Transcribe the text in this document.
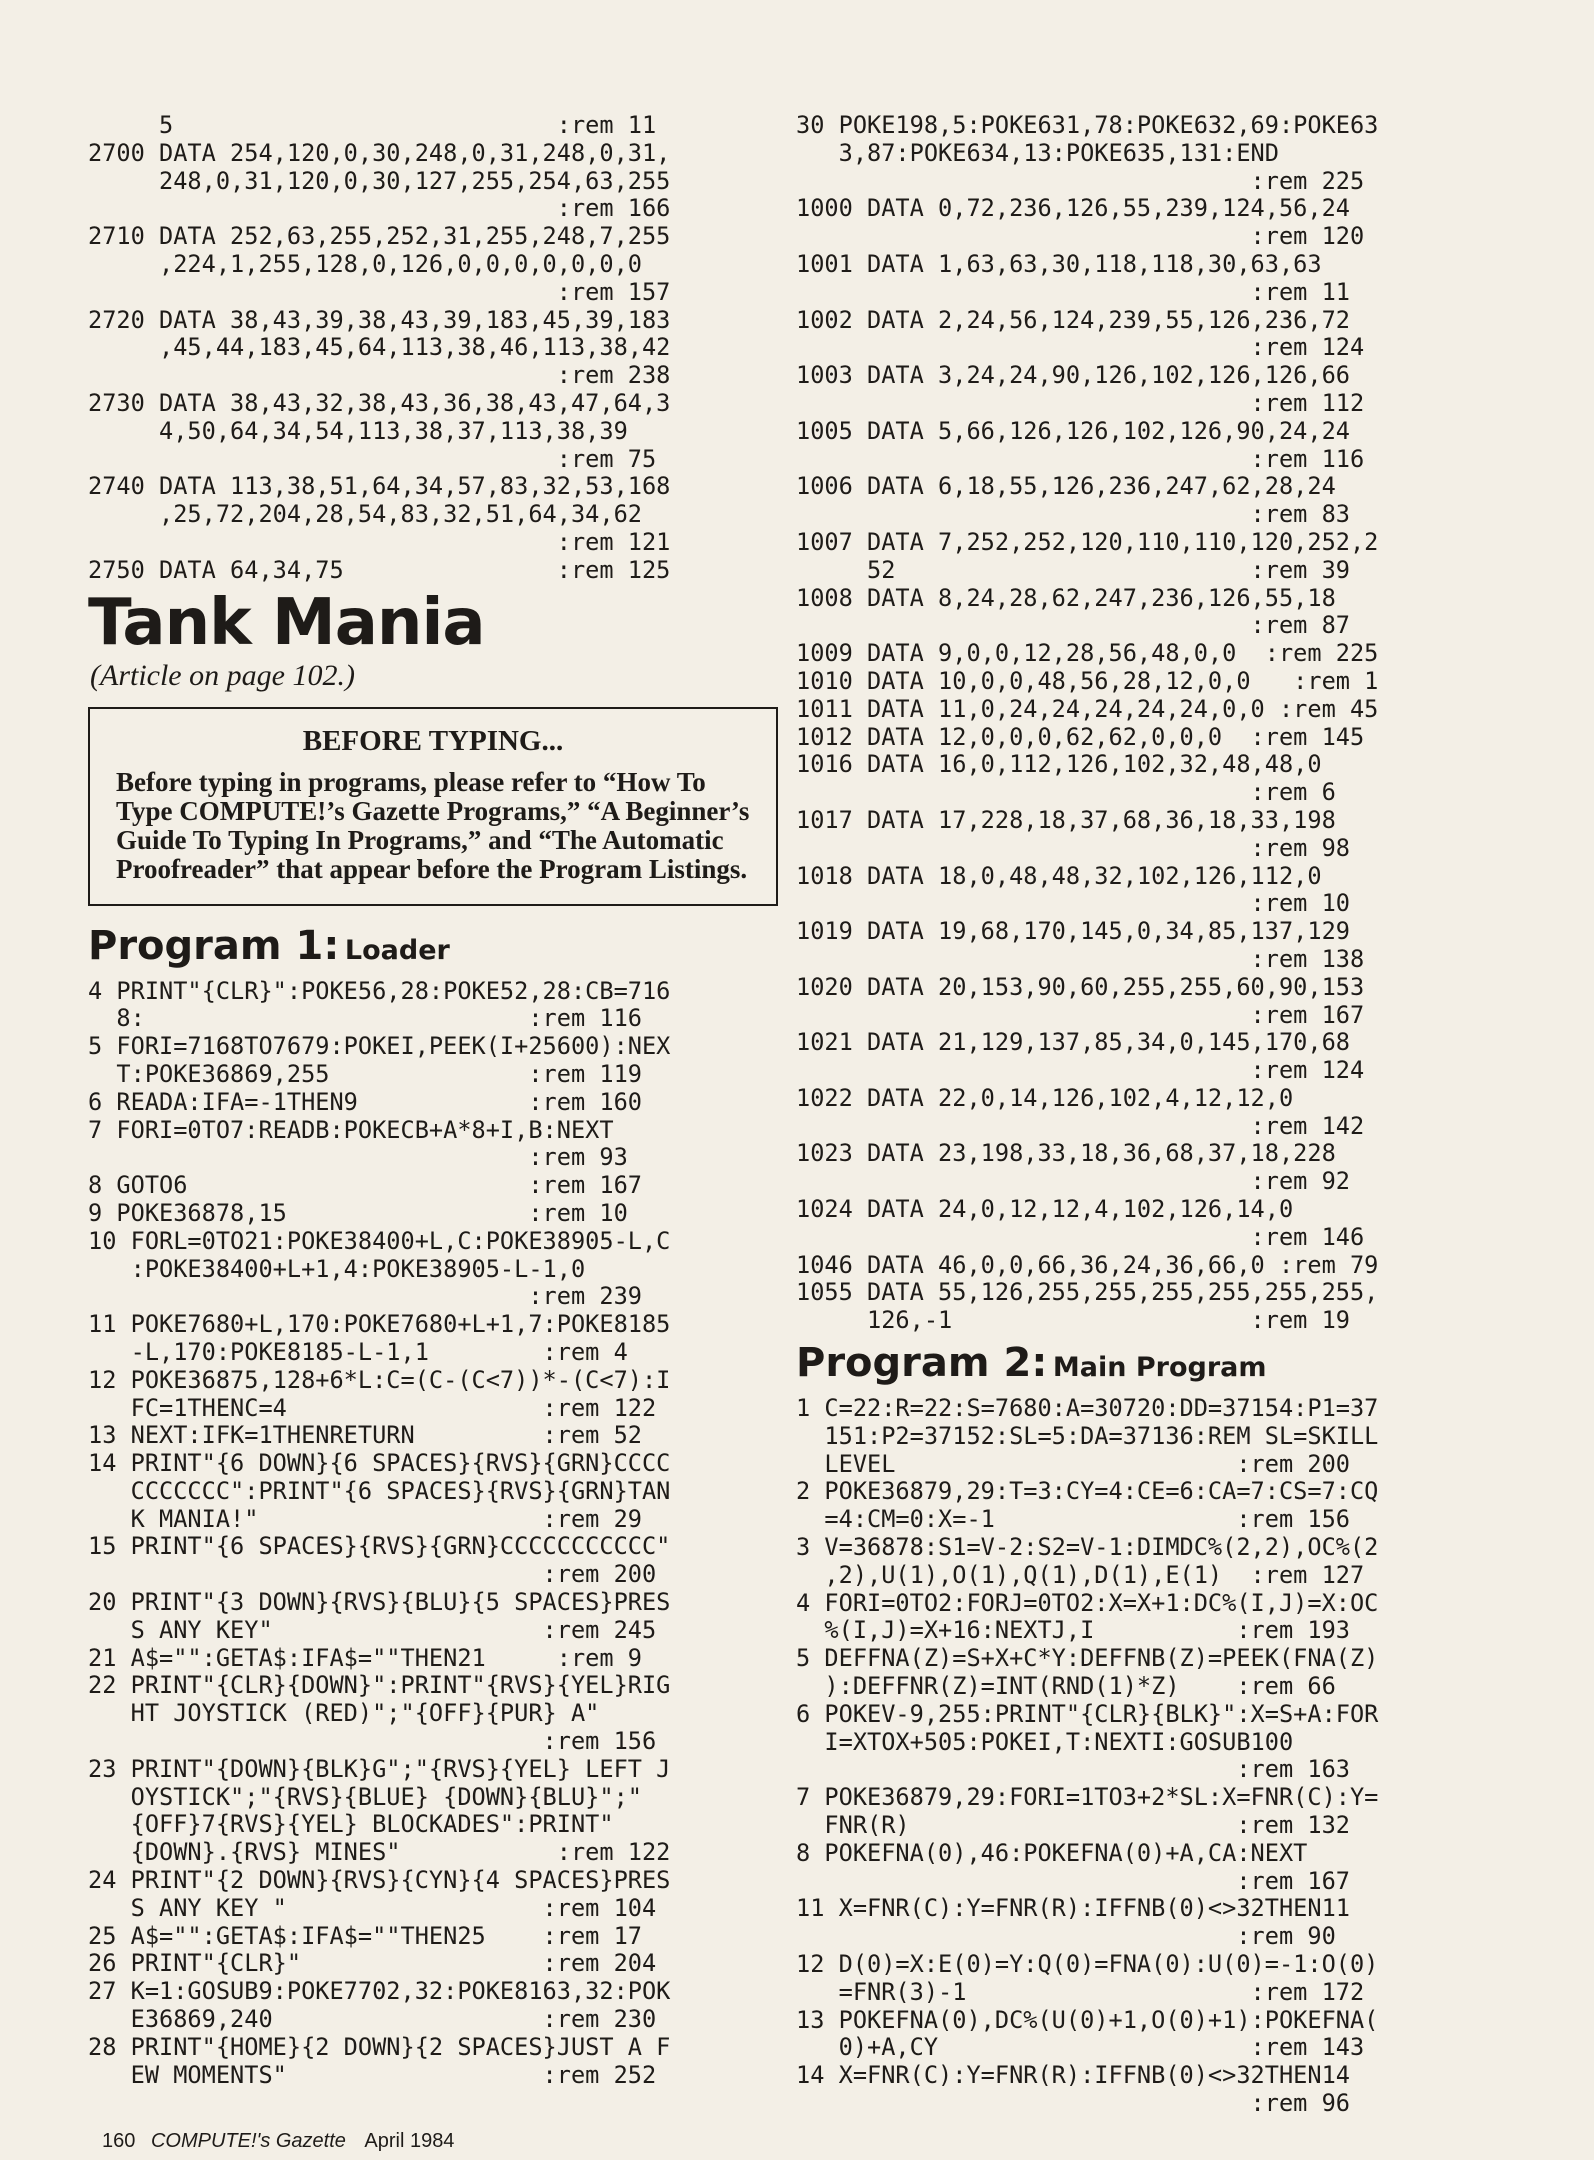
5                           :rem 11
2700 DATA 254,120,0,30,248,0,31,248,0,31,
248,0,31,120,0,30,127,255,254,63,255
:rem 166
2710 DATA 252,63,255,252,31,255,248,7,255
,224,1,255,128,0,126,0,0,0,0,0,0,0
:rem 157
2720 DATA 38,43,39,38,43,39,183,45,39,183
,45,44,183,45,64,113,38,46,113,38,42
:rem 238
2730 DATA 38,43,32,38,43,36,38,43,47,64,3
4,50,64,34,54,113,38,37,113,38,39
:rem 75
2740 DATA 113,38,51,64,34,57,83,32,53,168
,25,72,204,28,54,83,32,51,64,34,62
:rem 121
2750 DATA 64,34,75               :rem 125
Tank Mania
(Article on page 102.)
BEFORE TYPING...
Before typing in programs, please refer to “How To Type COMPUTE!’s Gazette Programs,” “A Beginner’s Guide To Typing In Programs,” and “The Automatic Proofreader” that appear before the Program Listings.
Program 1: Loader
4 PRINT"{CLR}":POKE56,28:POKE52,28:CB=716
8:                           :rem 116
5 FORI=7168TO7679:POKEI,PEEK(I+25600):NEX
T:POKE36869,255              :rem 119
6 READA:IFA=-1THEN9            :rem 160
7 FORI=0TO7:READB:POKECB+A*8+I,B:NEXT
:rem 93
8 GOTO6                        :rem 167
9 POKE36878,15                 :rem 10
10 FORL=0TO21:POKE38400+L,C:POKE38905-L,C
:POKE38400+L+1,4:POKE38905-L-1,0
:rem 239
11 POKE7680+L,170:POKE7680+L+1,7:POKE8185
-L,170:POKE8185-L-1,1        :rem 4
12 POKE36875,128+6*L:C=(C-(C<7))*-(C<7):I
FC=1THENC=4                  :rem 122
13 NEXT:IFK=1THENRETURN         :rem 52
14 PRINT"{6 DOWN}{6 SPACES}{RVS}{GRN}CCCC
CCCCCCC":PRINT"{6 SPACES}{RVS}{GRN}TAN
K MANIA!"                    :rem 29
15 PRINT"{6 SPACES}{RVS}{GRN}CCCCCCCCCCC"
:rem 200
20 PRINT"{3 DOWN}{RVS}{BLU}{5 SPACES}PRES
S ANY KEY"                   :rem 245
21 A$="":GETA$:IFA$=""THEN21     :rem 9
22 PRINT"{CLR}{DOWN}":PRINT"{RVS}{YEL}RIG
HT JOYSTICK (RED)";"{OFF}{PUR} A"
:rem 156
23 PRINT"{DOWN}{BLK}G";"{RVS}{YEL} LEFT J
OYSTICK";"{RVS}{BLUE} {DOWN}{BLU}";"
{OFF}7{RVS}{YEL} BLOCKADES":PRINT"
{DOWN}.{RVS} MINES"           :rem 122
24 PRINT"{2 DOWN}{RVS}{CYN}{4 SPACES}PRES
S ANY KEY "                  :rem 104
25 A$="":GETA$:IFA$=""THEN25    :rem 17
26 PRINT"{CLR}"                 :rem 204
27 K=1:GOSUB9:POKE7702,32:POKE8163,32:POK
E36869,240                   :rem 230
28 PRINT"{HOME}{2 DOWN}{2 SPACES}JUST A F
EW MOMENTS"                  :rem 252
30 POKE198,5:POKE631,78:POKE632,69:POKE63
3,87:POKE634,13:POKE635,131:END
:rem 225
1000 DATA 0,72,236,126,55,239,124,56,24
:rem 120
1001 DATA 1,63,63,30,118,118,30,63,63
:rem 11
1002 DATA 2,24,56,124,239,55,126,236,72
:rem 124
1003 DATA 3,24,24,90,126,102,126,126,66
:rem 112
1005 DATA 5,66,126,126,102,126,90,24,24
:rem 116
1006 DATA 6,18,55,126,236,247,62,28,24
:rem 83
1007 DATA 7,252,252,120,110,110,120,252,2
52                         :rem 39
1008 DATA 8,24,28,62,247,236,126,55,18
:rem 87
1009 DATA 9,0,0,12,28,56,48,0,0  :rem 225
1010 DATA 10,0,0,48,56,28,12,0,0   :rem 1
1011 DATA 11,0,24,24,24,24,24,0,0 :rem 45
1012 DATA 12,0,0,0,62,62,0,0,0  :rem 145
1016 DATA 16,0,112,126,102,32,48,48,0
:rem 6
1017 DATA 17,228,18,37,68,36,18,33,198
:rem 98
1018 DATA 18,0,48,48,32,102,126,112,0
:rem 10
1019 DATA 19,68,170,145,0,34,85,137,129
:rem 138
1020 DATA 20,153,90,60,255,255,60,90,153
:rem 167
1021 DATA 21,129,137,85,34,0,145,170,68
:rem 124
1022 DATA 22,0,14,126,102,4,12,12,0
:rem 142
1023 DATA 23,198,33,18,36,68,37,18,228
:rem 92
1024 DATA 24,0,12,12,4,102,126,14,0
:rem 146
1046 DATA 46,0,0,66,36,24,36,66,0 :rem 79
1055 DATA 55,126,255,255,255,255,255,255,
126,-1                     :rem 19
Program 2: Main Program
1 C=22:R=22:S=7680:A=30720:DD=37154:P1=37
151:P2=37152:SL=5:DA=37136:REM SL=SKILL
LEVEL                        :rem 200
2 POKE36879,29:T=3:CY=4:CE=6:CA=7:CS=7:CQ
=4:CM=0:X=-1                 :rem 156
3 V=36878:S1=V-2:S2=V-1:DIMDC%(2,2),OC%(2
,2),U(1),O(1),Q(1),D(1),E(1)  :rem 127
4 FORI=0TO2:FORJ=0TO2:X=X+1:DC%(I,J)=X:OC
%(I,J)=X+16:NEXTJ,I          :rem 193
5 DEFFNA(Z)=S+X+C*Y:DEFFNB(Z)=PEEK(FNA(Z)
):DEFFNR(Z)=INT(RND(1)*Z)    :rem 66
6 POKEV-9,255:PRINT"{CLR}{BLK}":X=S+A:FOR
I=XTOX+505:POKEI,T:NEXTI:GOSUB100
:rem 163
7 POKE36879,29:FORI=1TO3+2*SL:X=FNR(C):Y=
FNR(R)                       :rem 132
8 POKEFNA(0),46:POKEFNA(0)+A,CA:NEXT
:rem 167
11 X=FNR(C):Y=FNR(R):IFFNB(0)<>32THEN11
:rem 90
12 D(0)=X:E(0)=Y:Q(0)=FNA(0):U(0)=-1:O(0)
=FNR(3)-1                    :rem 172
13 POKEFNA(0),DC%(U(0)+1,O(0)+1):POKEFNA(
0)+A,CY                      :rem 143
14 X=FNR(C):Y=FNR(R):IFFNB(0)<>32THEN14
:rem 96
160 COMPUTE!'s Gazette April 1984
